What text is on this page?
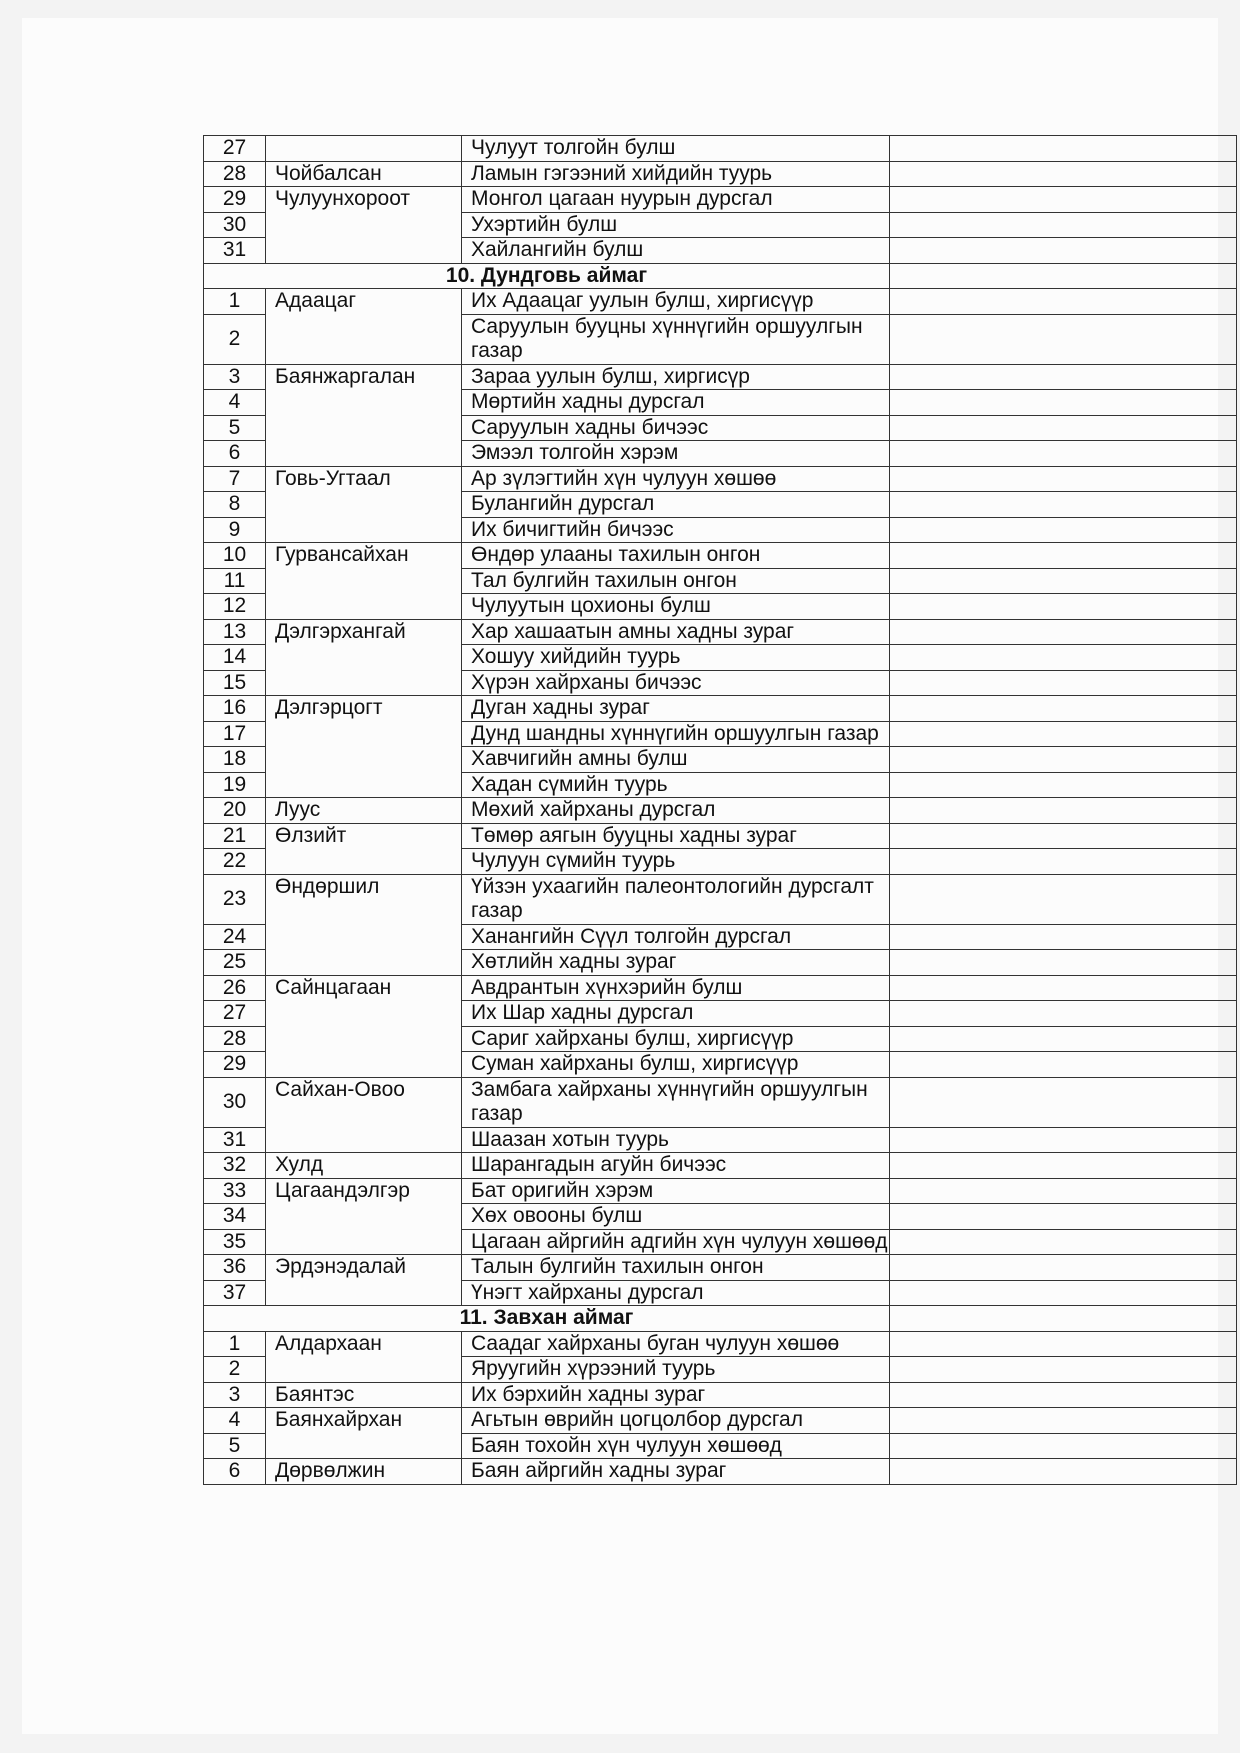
27		Чулуут толгойн булш	
28	Чойбалсан	Ламын гэгээний хийдийн туурь	
29	Чулуунхороот	Монгол цагаан нуурын дурсгал	
30		Ухэртийн булш	
31		Хайлангийн булш	
10. Дундговь аймаг			
1	Адаацаг	Их Адаацаг уулын булш, хиргисүүр	
2		Саруулын бууцны хүннүгийн оршуулгын газар	
3	Баянжаргалан	Зараа уулын булш, хиргисүр	
4		Мөртийн хадны дурсгал	
5		Саруулын хадны бичээс	
6		Эмээл толгойн хэрэм	
7	Говь-Угтаал	Ар зүлэгтийн хүн чулуун хөшөө	
8		Булангийн дурсгал	
9		Их бичигтийн бичээс	
10	Гурвансайхан	Өндөр улааны тахилын онгон	
11		Тал булгийн тахилын онгон	
12		Чулуутын цохионы булш	
13	Дэлгэрхангай	Хар хашаатын амны хадны зураг	
14		Хошуу хийдийн туурь	
15		Хүрэн хайрханы бичээс	
16	Дэлгэрцогт	Дуган хадны зураг	
17		Дунд шандны хүннүгийн оршуулгын газар	
18		Хавчигийн амны булш	
19		Хадан сүмийн туурь	
20	Луус	Мөхий хайрханы дурсгал	
21	Өлзийт	Төмөр аягын бууцны хадны зураг	
22		Чулуун сүмийн туурь	
23	Өндөршил	Үйзэн ухаагийн палеонтологийн дурсгалт газар	
24		Ханангийн Сүүл толгойн дурсгал	
25		Хөтлийн хадны зураг	
26	Сайнцагаан	Авдрантын хүнхэрийн булш	
27		Их Шар хадны дурсгал	
28		Сариг хайрханы булш, хиргисүүр	
29		Суман хайрханы булш, хиргисүүр	
30	Сайхан-Овоо	Замбага хайрханы хүннүгийн оршуулгын газар	
31		Шаазан хотын туурь	
32	Хулд	Шарангадын агуйн бичээс	
33	Цагаандэлгэр	Бат оригийн хэрэм	
34		Хөх овооны булш	
35		Цагаан айргийн адгийн хүн чулуун хөшөөд	
36	Эрдэнэдалай	Талын булгийн тахилын онгон	
37		Үнэгт хайрханы дурсгал	
11. Завхан аймаг			
1	Алдархаан	Саадаг хайрханы буган чулуун хөшөө	
2		Яруугийн хүрээний туурь	
3	Баянтэс	Их бэрхийн хадны зураг	
4	Баянхайрхан	Агьтын өврийн цогцолбор дурсгал	
5		Баян тохойн хүн чулуун хөшөөд	
6	Дөрвөлжин	Баян айргийн хадны зураг	
